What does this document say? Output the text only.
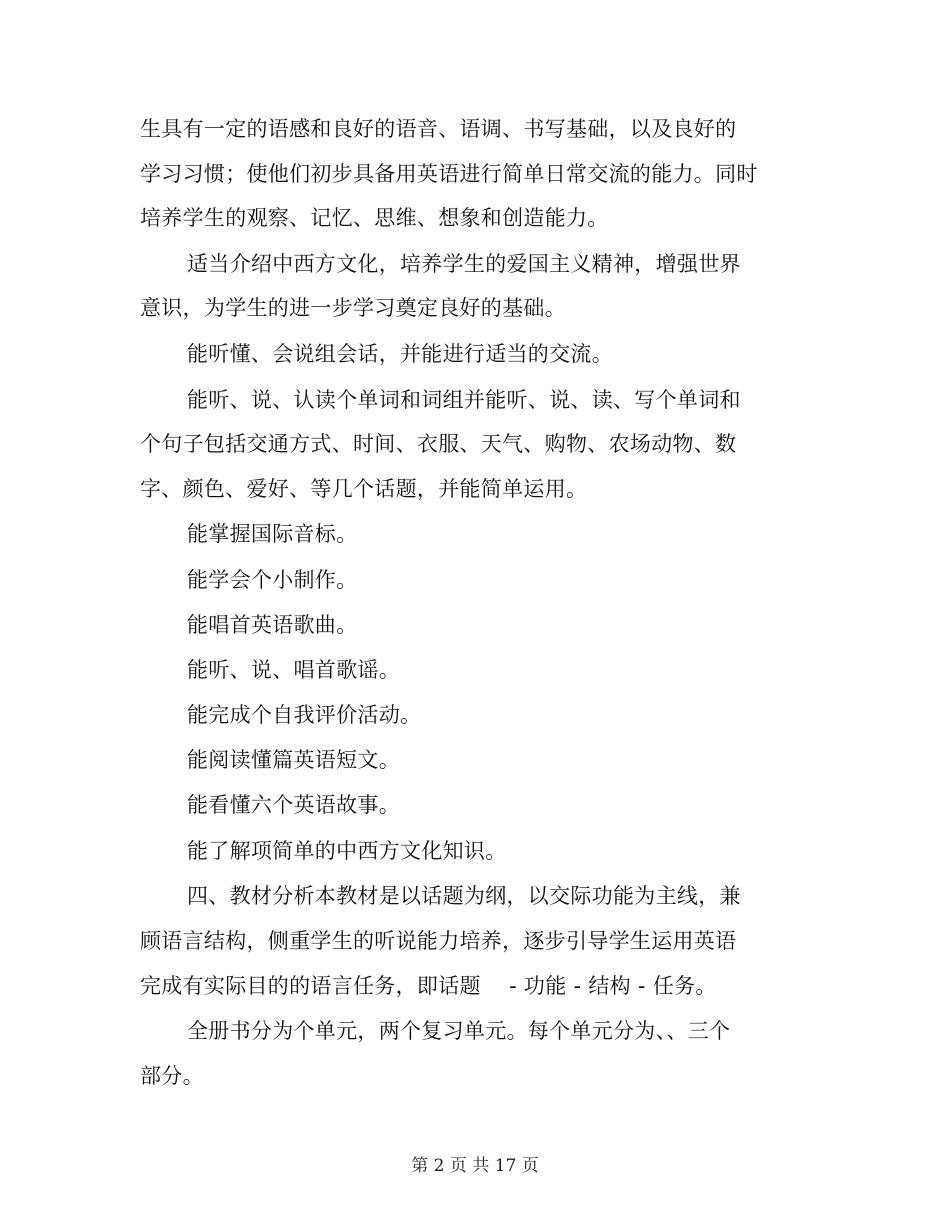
生具有一定的语感和良好的语音、语调、书写基础，以及良好的
学习习惯；使他们初步具备用英语进行简单日常交流的能力。同时
培养学生的观察、记忆、思维、想象和创造能力。
适当介绍中西方文化，培养学生的爱国主义精神，增强世界
意识，为学生的进一步学习奠定良好的基础。
能听懂、会说组会话，并能进行适当的交流。
能听、说、认读个单词和词组并能听、说、读、写个单词和
个句子包括交通方式、时间、衣服、天气、购物、农场动物、数
字、颜色、爱好、等几个话题，并能简单运用。
能掌握国际音标。
能学会个小制作。
能唱首英语歌曲。
能听、说、唱首歌谣。
能完成个自我评价活动。
能阅读懂篇英语短文。
能看懂六个英语故事。
能了解项简单的中西方文化知识。
四、教材分析本教材是以话题为纲，以交际功能为主线，兼
顾语言结构，侧重学生的听说能力培养，逐步引导学生运用英语
完成有实际目的的语言任务，即话题　 - 功能 - 结构 - 任务。
全册书分为个单元，两个复习单元。每个单元分为、、三个
部分。
第 2 页 共 17 页
